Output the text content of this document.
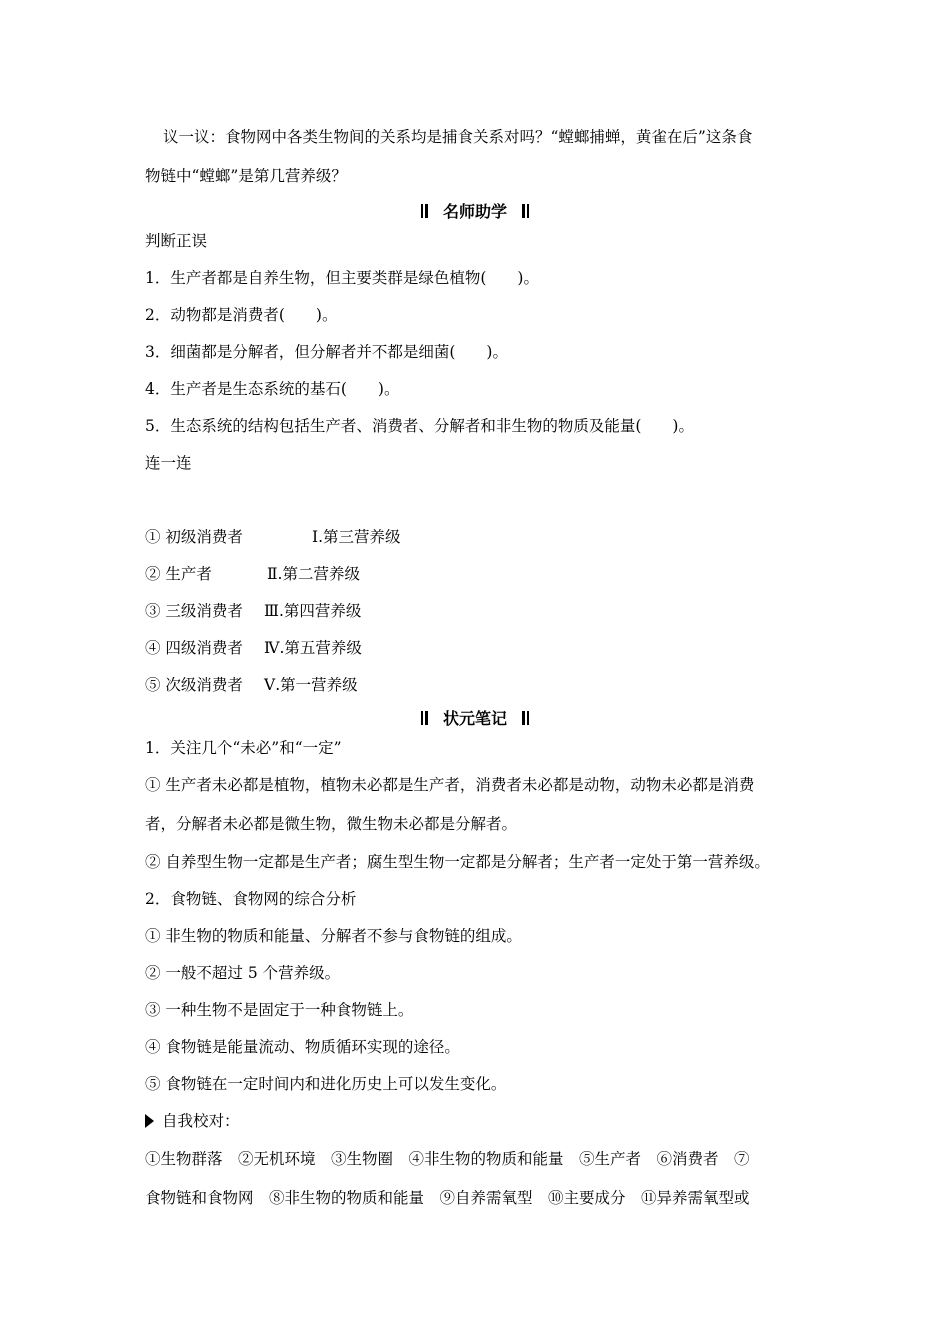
议一议：食物网中各类生物间的关系均是捕食关系对吗？“螳螂捕蝉，黄雀在后”这条食
物链中“螳螂”是第几营养级？
名师助学
判断正误
1．生产者都是自养生物，但主要类群是绿色植物(　　)。
2．动物都是消费者(　　)。
3．细菌都是分解者，但分解者并不都是细菌(　　)。
4．生产者是生态系统的基石(　　)。
5．生态系统的结构包括生产者、消费者、分解者和非生物的物质及能量(　　)。
连一连
① 初级消费者	Ⅰ.第三营养级
② 生产者	Ⅱ.第二营养级
③ 三级消费者 Ⅲ.第四营养级
④ 四级消费者 Ⅳ.第五营养级
⑤ 次级消费者 Ⅴ.第一营养级
状元笔记
1．关注几个“未必”和“一定”
① 生产者未必都是植物，植物未必都是生产者，消费者未必都是动物，动物未必都是消费
者，分解者未必都是微生物，微生物未必都是分解者。
② 自养型生物一定都是生产者；腐生型生物一定都是分解者；生产者一定处于第一营养级。
2．食物链、食物网的综合分析
① 非生物的物质和能量、分解者不参与食物链的组成。
② 一般不超过 5 个营养级。
③ 一种生物不是固定于一种食物链上。
④ 食物链是能量流动、物质循环实现的途径。
⑤ 食物链在一定时间内和进化历史上可以发生变化。
自我校对：
①生物群落　②无机环境　③生物圈　④非生物的物质和能量　⑤生产者　⑥消费者　⑦
食物链和食物网　⑧非生物的物质和能量　⑨自养需氧型　⑩主要成分　⑪异养需氧型或
